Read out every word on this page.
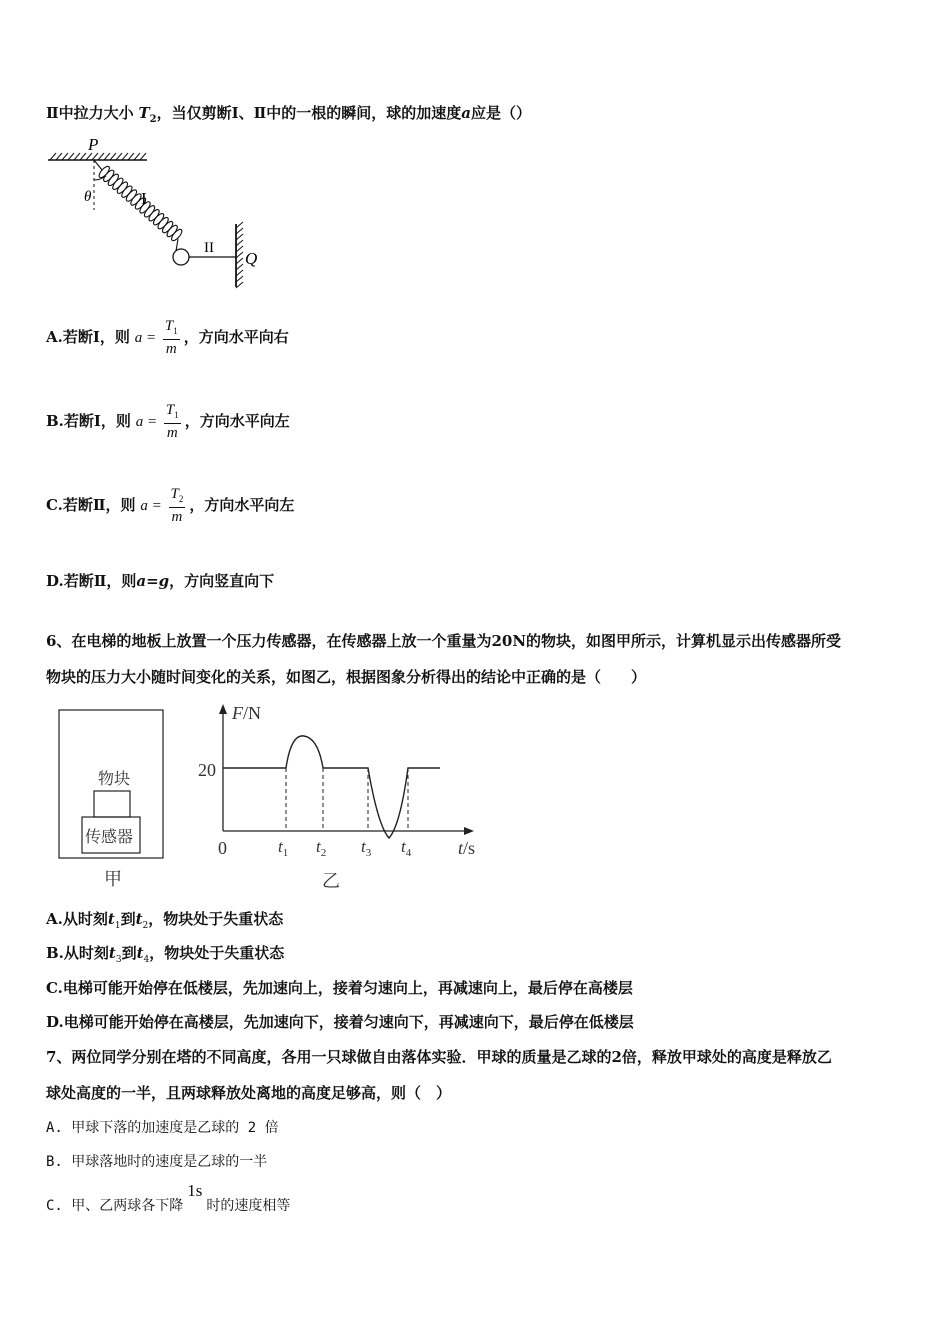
Ⅱ中拉力大小 $T_2$，当仅剪断Ⅰ、Ⅱ中的一根的瞬间，球的加速度a应是（）
P
θ	I
II
Q
A.若断Ⅰ，则 $a = \frac{T_1}{m}$ ，方向水平向右
B.若断Ⅰ，则 $a = \frac{T_1}{m}$ ，方向水平向左
C.若断Ⅱ，则 $a = \frac{T_2}{m}$ ，方向水平向左
D.若断Ⅱ，则a=g，方向竖直向下
6、在电梯的地板上放置一个压力传感器，在传感器上放一个重量为20N的物块，如图甲所示，计算机显示出传感器所受
物块的压力大小随时间变化的关系，如图乙，根据图象分析得出的结论中正确的是（　　）
物块
传感器
甲
F/N
20
0	t/s
$t_1$ $t_2$ $t_3$ $t_4$
乙
A.从时刻$t_1$到$t_2$，物块处于失重状态
B.从时刻$t_3$到$t_4$，物块处于失重状态
C.电梯可能开始停在低楼层，先加速向上，接着匀速向上，再减速向上，最后停在高楼层
D.电梯可能开始停在高楼层，先加速向下，接着匀速向下，再减速向下，最后停在低楼层
7、两位同学分别在塔的不同高度，各用一只球做自由落体实验．甲球的质量是乙球的2倍，释放甲球处的高度是释放乙
球处高度的一半，且两球释放处离地的高度足够高，则（　）
A. 甲球下落的加速度是乙球的 2 倍
B. 甲球落地时的速度是乙球的一半
C. 甲、乙两球各下降1s时的速度相等
